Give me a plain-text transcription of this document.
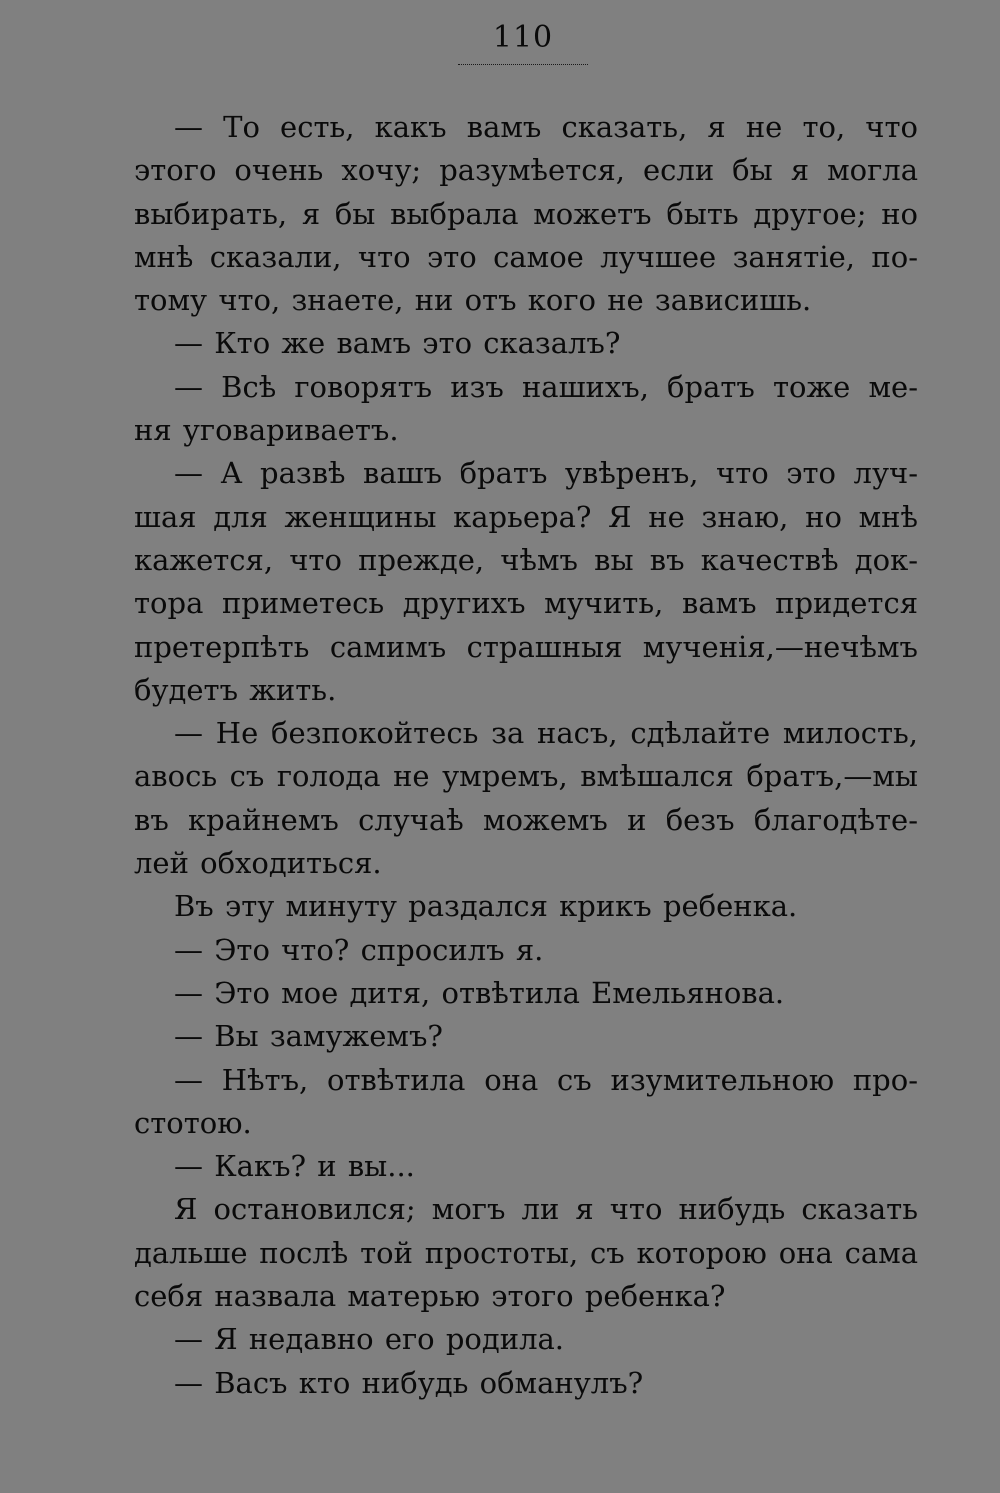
110
— То есть, какъ вамъ сказать, я не то, что
этого очень хочу; разумѣется, если бы я могла
выбирать, я бы выбрала можетъ быть другое; но
мнѣ сказали, что это самое лучшее занятіе, по-
тому что, знаете, ни отъ кого не зависишь.
— Кто же вамъ это сказалъ?
— Всѣ говорятъ изъ нашихъ, братъ тоже ме-
ня уговариваетъ.
— А развѣ вашъ братъ увѣренъ, что это луч-
шая для женщины карьера? Я не знаю, но мнѣ
кажется, что прежде, чѣмъ вы въ качествѣ док-
тора приметесь другихъ мучить, вамъ придется
претерпѣть самимъ страшныя мученія,—нечѣмъ
будетъ жить.
— Не безпокойтесь за насъ, сдѣлайте милость,
авось съ голода не умремъ, вмѣшался братъ,—мы
въ крайнемъ случаѣ можемъ и безъ благодѣте-
лей обходиться.
Въ эту минуту раздался крикъ ребенка.
— Это что? спросилъ я.
— Это мое дитя, отвѣтила Емельянова.
— Вы замужемъ?
— Нѣтъ, отвѣтила она съ изумительною про-
стотою.
— Какъ? и вы...
Я остановился; могъ ли я что нибудь сказать
дальше послѣ той простоты, съ которою она сама
себя назвала матерью этого ребенка?
— Я недавно его родила.
— Васъ кто нибудь обманулъ?
